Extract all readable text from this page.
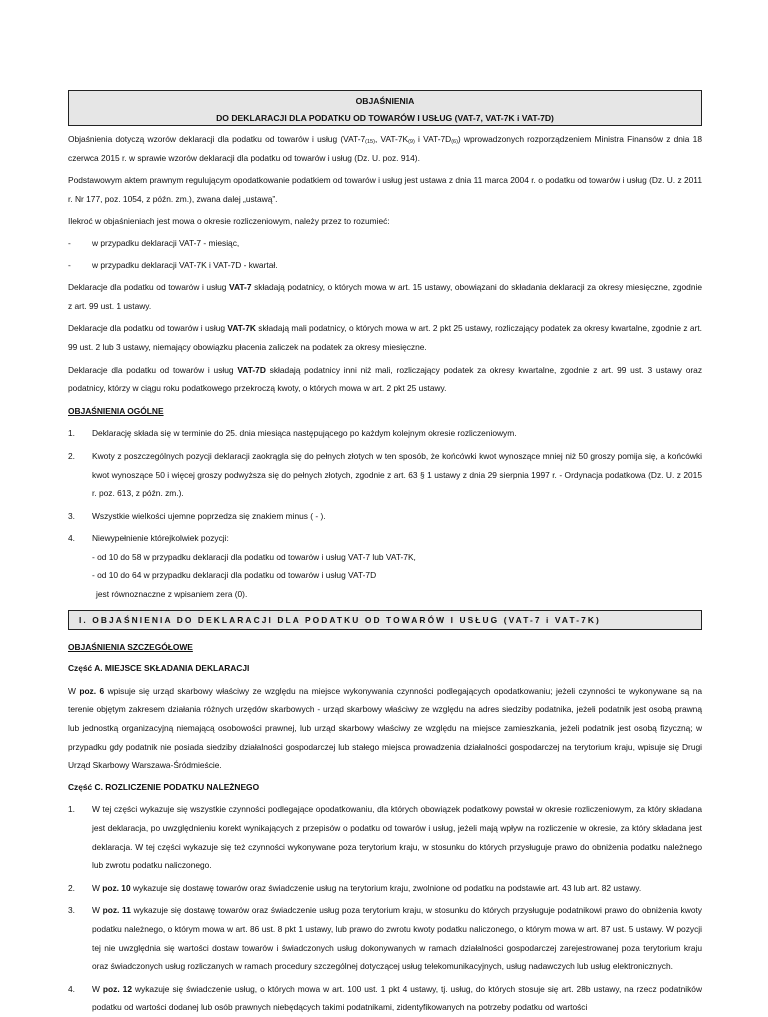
OBJAŚNIENIA
DO DEKLARACJI DLA PODATKU OD TOWARÓW I USŁUG (VAT-7, VAT-7K i VAT-7D)

Objaśnienia dotyczą wzorów deklaracji dla podatku od towarów i usług ($VAT-7_{(15)}$, VAT-$7K_{(9)}$ i VAT-$7D_{(6)}$) wprowadzonych rozporządzeniem Ministra Finansów z dnia 18 czerwca 2015 r. w sprawie wzorów deklaracji dla podatku od towarów i usług (Dz. U. poz. 914).

Podstawowym aktem prawnym regulującym opodatkowanie podatkiem od towarów i usług jest ustawa z dnia 11 marca 2004 r. o podatku od towarów i usług (Dz. U. z 2011 r. Nr 177, poz. 1054, z późn. zm.), zwana dalej „ustawą”.

Ilekroć w objaśnieniach jest mowa o okresie rozliczeniowym, należy przez to rozumieć:

-	w przypadku deklaracji VAT-7 - miesiąc,
-	w przypadku deklaracji VAT-7K i VAT-7D - kwartał.

Deklaracje dla podatku od towarów i usług VAT-7 składają podatnicy, o których mowa w art. 15 ustawy, obowiązani do składania deklaracji za okresy miesięczne, zgodnie z art. 99 ust. 1 ustawy.

Deklaracje dla podatku od towarów i usług VAT-7K składają mali podatnicy, o których mowa w art. 2 pkt 25 ustawy, rozliczający podatek za okresy kwartalne, zgodnie z art. 99 ust. 2 lub 3 ustawy, niemający obowiązku płacenia zaliczek na podatek za okresy miesięczne.

Deklaracje dla podatku od towarów i usług VAT-7D składają podatnicy inni niż mali, rozliczający podatek za okresy kwartalne, zgodnie z art. 99 ust. 3 ustawy oraz podatnicy, którzy w ciągu roku podatkowego przekroczą kwoty, o których mowa w art. 2 pkt 25 ustawy.

OBJAŚNIENIA OGÓLNE
1.	Deklarację składa się w terminie do 25. dnia miesiąca następującego po każdym kolejnym okresie rozliczeniowym.
2.	Kwoty z poszczególnych pozycji deklaracji zaokrągla się do pełnych złotych w ten sposób, że końcówki kwot wynoszące mniej niż 50 groszy pomija się, a końcówki kwot wynoszące 50 i więcej groszy podwyższa się do pełnych złotych, zgodnie z art. 63 § 1 ustawy z dnia 29 sierpnia 1997 r. - Ordynacja podatkowa (Dz. U. z 2015 r. poz. 613, z późn. zm.).
3.	Wszystkie wielkości ujemne poprzedza się znakiem minus ( - ).
4.	Niewypełnienie którejkolwiek pozycji:
- od 10 do 58 w przypadku deklaracji dla podatku od towarów i usług VAT-7 lub VAT-7K,
- od 10 do 64 w przypadku deklaracji dla podatku od towarów i usług VAT-7D
jest równoznaczne z wpisaniem zera (0).
I. OBJAŚNIENIA DO DEKLARACJI DLA PODATKU OD TOWARÓW I USŁUG (VAT-7 i VAT-7K)
OBJAŚNIENIA SZCZEGÓŁOWE
Część A. MIEJSCE SKŁADANIA DEKLARACJI

W poz. 6 wpisuje się urząd skarbowy właściwy ze względu na miejsce wykonywania czynności podlegających opodatkowaniu; jeżeli czynności te wykonywane są na terenie objętym zakresem działania różnych urzędów skarbowych - urząd skarbowy właściwy ze względu na adres siedziby podatnika, jeżeli podatnik jest osobą prawną lub jednostką organizacyjną niemającą osobowości prawnej, lub urząd skarbowy właściwy ze względu na miejsce zamieszkania, jeżeli podatnik jest osobą fizyczną; w przypadku gdy podatnik nie posiada siedziby działalności gospodarczej lub stałego miejsca prowadzenia działalności gospodarczej na terytorium kraju, wpisuje się Drugi Urząd Skarbowy Warszawa-Śródmieście.

Część C. ROZLICZENIE PODATKU NALEŻNEGO
1.	W tej części wykazuje się wszystkie czynności podlegające opodatkowaniu, dla których obowiązek podatkowy powstał w okresie rozliczeniowym, za który składana jest deklaracja, po uwzględnieniu korekt wynikających z przepisów o podatku od towarów i usług, jeżeli mają wpływ na rozliczenie w okresie, za który składana jest deklaracja. W tej części wykazuje się też czynności wykonywane poza terytorium kraju, w stosunku do których przysługuje prawo do obniżenia podatku należnego lub zwrotu podatku naliczonego.
2.	W poz. 10 wykazuje się dostawę towarów oraz świadczenie usług na terytorium kraju, zwolnione od podatku na podstawie art. 43 lub art. 82 ustawy.
3.	W poz. 11 wykazuje się dostawę towarów oraz świadczenie usług poza terytorium kraju, w stosunku do których przysługuje podatnikowi prawo do obniżenia kwoty podatku należnego, o którym mowa w art. 86 ust. 8 pkt 1 ustawy, lub prawo do zwrotu kwoty podatku naliczonego, o którym mowa w art. 87 ust. 5 ustawy. W pozycji tej nie uwzględnia się wartości dostaw towarów i świadczonych usług dokonywanych w ramach działalności gospodarczej zarejestrowanej poza terytorium kraju oraz świadczonych usług rozliczanych w ramach procedury szczególnej dotyczącej usług telekomunikacyjnych, usług nadawczych lub usług elektronicznych.
4.	W poz. 12 wykazuje się świadczenie usług, o których mowa w art. 100 ust. 1 pkt 4 ustawy, tj. usług, do których stosuje się art. 28b ustawy, na rzecz podatników podatku od wartości dodanej lub osób prawnych niebędących takimi podatnikami, zidentyfikowanych na potrzeby podatku od wartości
